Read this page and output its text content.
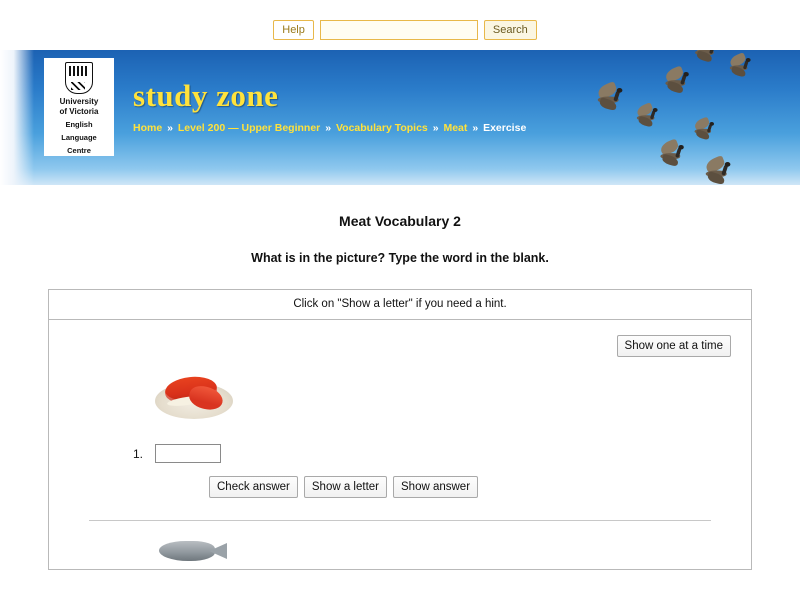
Help	Search
University
of Victoria
English
Language
Centre
study zone
Home » Level 200 — Upper Beginner » Vocabulary Topics » Meat » Exercise
Meat Vocabulary 2
What is in the picture? Type the word in the blank.
Click on "Show a letter" if you need a hint.
Show one at a time
1.
Check answer	Show a letter	Show answer
